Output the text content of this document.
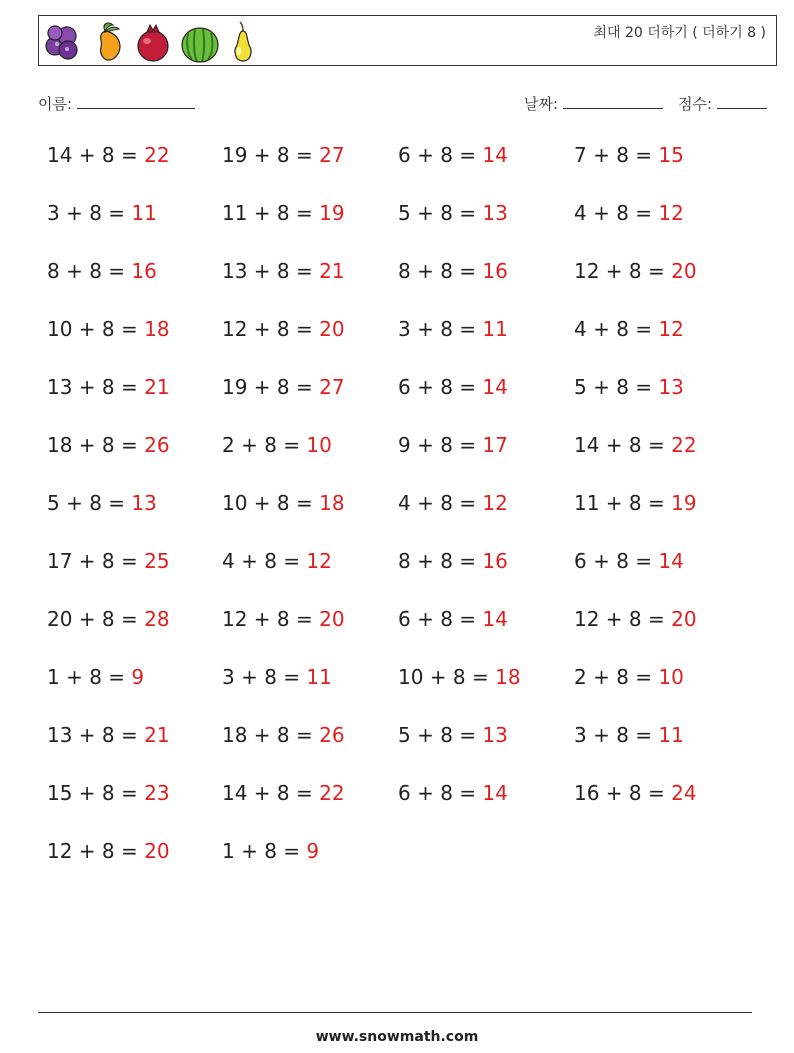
최대 20 더하기 ( 더하기 8 )
이름:	날짜:	점수:
14 + 8 = 22	19 + 8 = 27	6 + 8 = 14	7 + 8 = 15
3 + 8 = 11	11 + 8 = 19	5 + 8 = 13	4 + 8 = 12
8 + 8 = 16	13 + 8 = 21	8 + 8 = 16	12 + 8 = 20
10 + 8 = 18	12 + 8 = 20	3 + 8 = 11	4 + 8 = 12
13 + 8 = 21	19 + 8 = 27	6 + 8 = 14	5 + 8 = 13
18 + 8 = 26	2 + 8 = 10	9 + 8 = 17	14 + 8 = 22
5 + 8 = 13	10 + 8 = 18	4 + 8 = 12	11 + 8 = 19
17 + 8 = 25	4 + 8 = 12	8 + 8 = 16	6 + 8 = 14
20 + 8 = 28	12 + 8 = 20	6 + 8 = 14	12 + 8 = 20
1 + 8 = 9	3 + 8 = 11	10 + 8 = 18	2 + 8 = 10
13 + 8 = 21	18 + 8 = 26	5 + 8 = 13	3 + 8 = 11
15 + 8 = 23	14 + 8 = 22	6 + 8 = 14	16 + 8 = 24
12 + 8 = 20	1 + 8 = 9
www.snowmath.com
